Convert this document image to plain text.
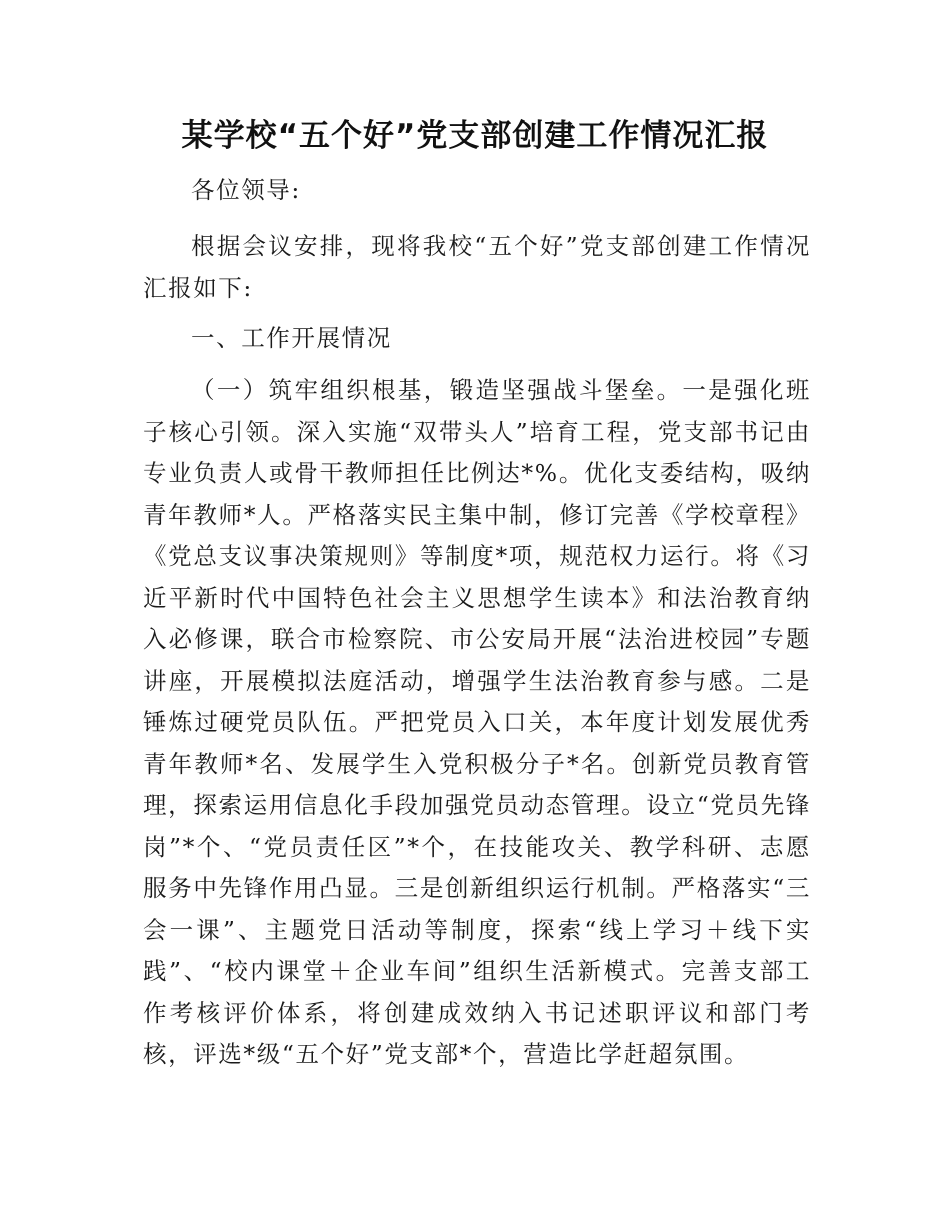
某学校“五个好”党支部创建工作情况汇报

各位领导:

根据会议安排，现将我校“五个好”党支部创建工作情况汇报如下:

一、工作开展情况

（一）筑牢组织根基，锻造坚强战斗堡垒。一是强化班子核心引领。深入实施“双带头人”培育工程，党支部书记由专业负责人或骨干教师担任比例达*%。优化支委结构，吸纳青年教师*人。严格落实民主集中制，修订完善《学校章程》《党总支议事决策规则》等制度*项，规范权力运行。将《习近平新时代中国特色社会主义思想学生读本》和法治教育纳入必修课，联合市检察院、市公安局开展“法治进校园”专题讲座，开展模拟法庭活动，增强学生法治教育参与感。二是锤炼过硬党员队伍。严把党员入口关，本年度计划发展优秀青年教师*名、发展学生入党积极分子*名。创新党员教育管理，探索运用信息化手段加强党员动态管理。设立“党员先锋岗”*个、“党员责任区”*个，在技能攻关、教学科研、志愿服务中先锋作用凸显。三是创新组织运行机制。严格落实“三会一课”、主题党日活动等制度，探索“线上学习＋线下实践”、“校内课堂＋企业车间”组织生活新模式。完善支部工作考核评价体系，将创建成效纳入书记述职评议和部门考核，评选*级“五个好”党支部*个，营造比学赶超氛围。
